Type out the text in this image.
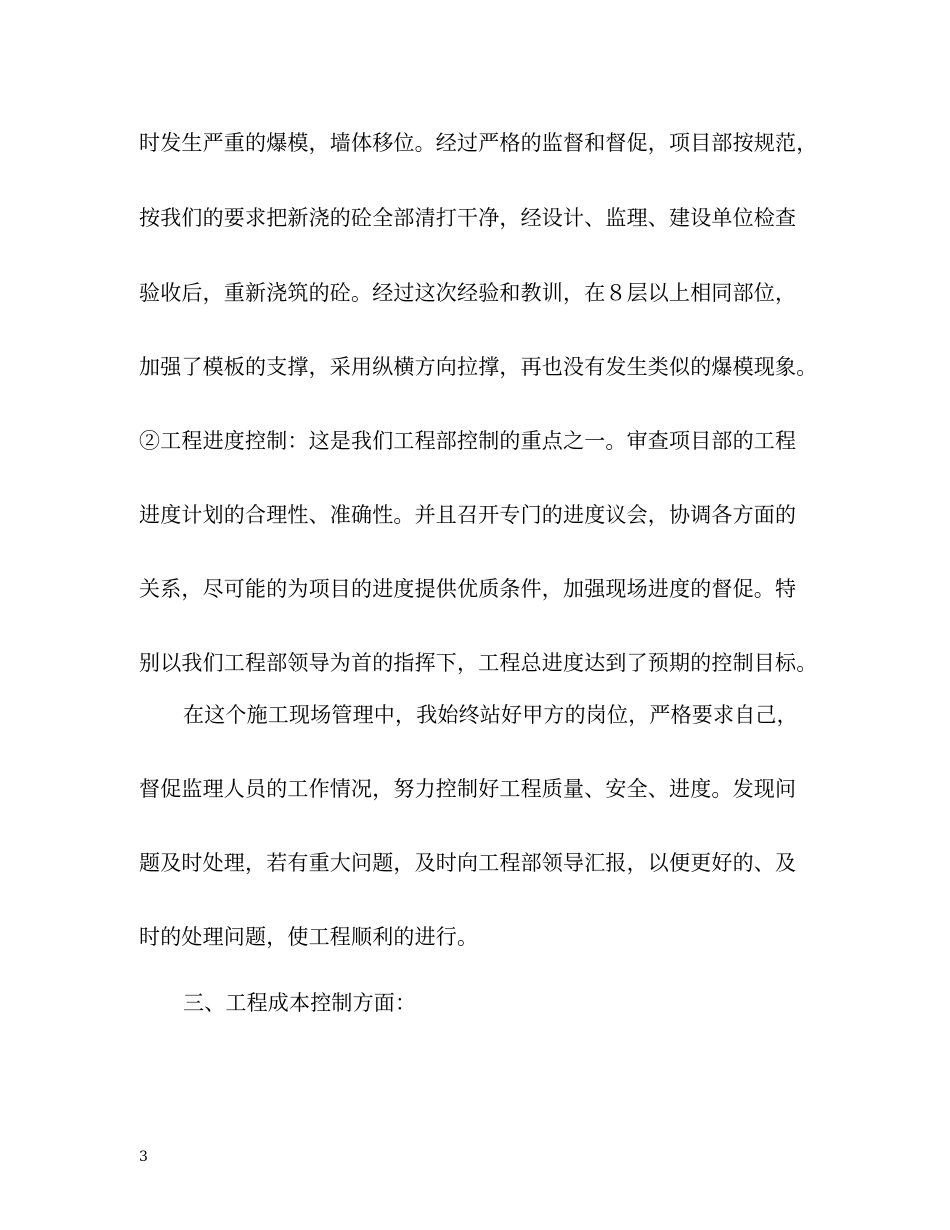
时发生严重的爆模，墙体移位。经过严格的监督和督促，项目部按规范，
按我们的要求把新浇的砼全部清打干净，经设计、监理、建设单位检查
验收后，重新浇筑的砼。经过这次经验和教训，在８层以上相同部位，
加强了模板的支撑，采用纵横方向拉撑，再也没有发生类似的爆模现象。
②工程进度控制：这是我们工程部控制的重点之一。审查项目部的工程
进度计划的合理性、准确性。并且召开专门的进度议会，协调各方面的
关系，尽可能的为项目的进度提供优质条件，加强现场进度的督促。特
别以我们工程部领导为首的指挥下，工程总进度达到了预期的控制目标。
在这个施工现场管理中，我始终站好甲方的岗位，严格要求自己，
督促监理人员的工作情况，努力控制好工程质量、安全、进度。发现问
题及时处理，若有重大问题，及时向工程部领导汇报，以便更好的、及
时的处理问题，使工程顺利的进行。
三、工程成本控制方面：
3
